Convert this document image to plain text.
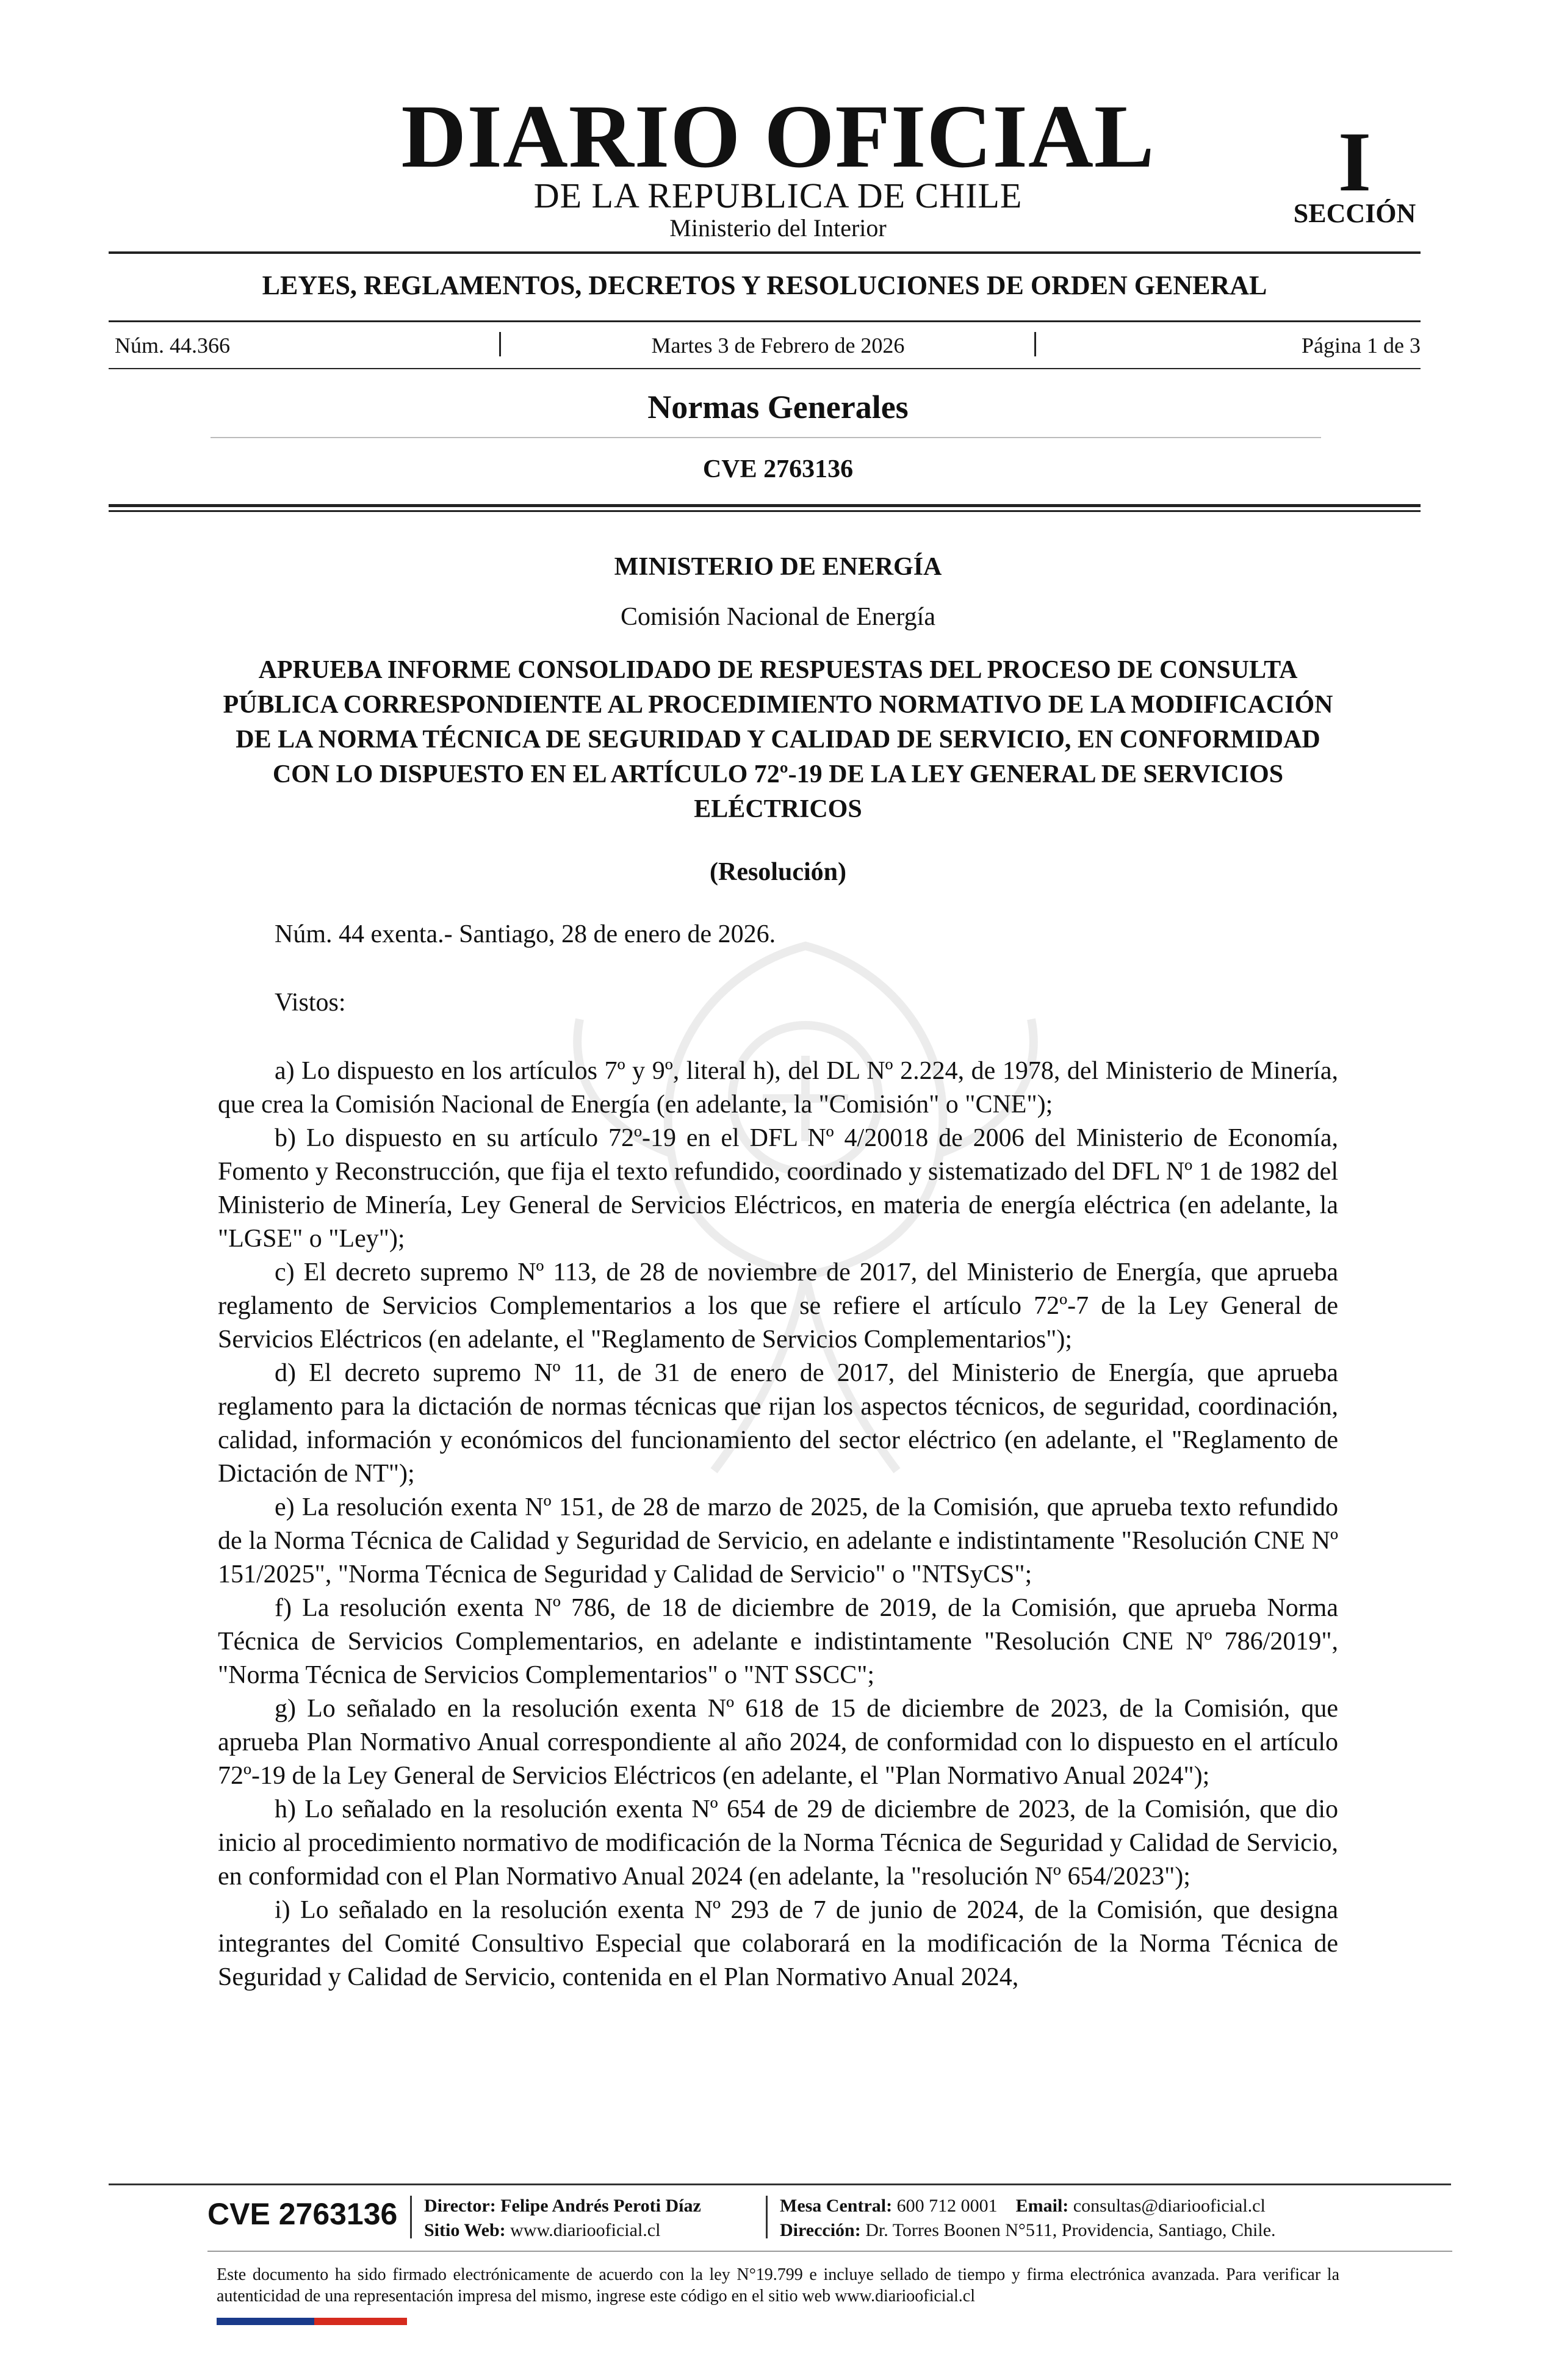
DIARIO OFICIAL
DE LA REPUBLICA DE CHILE
Ministerio del Interior
I
SECCIÓN
LEYES, REGLAMENTOS, DECRETOS Y RESOLUCIONES DE ORDEN GENERAL
Núm. 44.366	Martes 3 de Febrero de 2026	Página 1 de 3
Normas Generales
CVE 2763136
MINISTERIO DE ENERGÍA
Comisión Nacional de Energía

APRUEBA INFORME CONSOLIDADO DE RESPUESTAS DEL PROCESO DE CONSULTA PÚBLICA CORRESPONDIENTE AL PROCEDIMIENTO NORMATIVO DE LA MODIFICACIÓN DE LA NORMA TÉCNICA DE SEGURIDAD Y CALIDAD DE SERVICIO, EN CONFORMIDAD CON LO DISPUESTO EN EL ARTÍCULO 72º-19 DE LA LEY GENERAL DE SERVICIOS ELÉCTRICOS

(Resolución)
Núm. 44 exenta.- Santiago, 28 de enero de 2026.
Vistos:

a) Lo dispuesto en los artículos 7º y 9º, literal h), del DL Nº 2.224, de 1978, del Ministerio de Minería, que crea la Comisión Nacional de Energía (en adelante, la "Comisión" o "CNE");

b) Lo dispuesto en su artículo 72º-19 en el DFL Nº 4/20018 de 2006 del Ministerio de Economía, Fomento y Reconstrucción, que fija el texto refundido, coordinado y sistematizado del DFL Nº 1 de 1982 del Ministerio de Minería, Ley General de Servicios Eléctricos, en materia de energía eléctrica (en adelante, la "LGSE" o "Ley");

c) El decreto supremo Nº 113, de 28 de noviembre de 2017, del Ministerio de Energía, que aprueba reglamento de Servicios Complementarios a los que se refiere el artículo 72º-7 de la Ley General de Servicios Eléctricos (en adelante, el "Reglamento de Servicios Complementarios");

d) El decreto supremo Nº 11, de 31 de enero de 2017, del Ministerio de Energía, que aprueba reglamento para la dictación de normas técnicas que rijan los aspectos técnicos, de seguridad, coordinación, calidad, información y económicos del funcionamiento del sector eléctrico (en adelante, el "Reglamento de Dictación de NT");

e) La resolución exenta Nº 151, de 28 de marzo de 2025, de la Comisión, que aprueba texto refundido de la Norma Técnica de Calidad y Seguridad de Servicio, en adelante e indistintamente "Resolución CNE Nº 151/2025", "Norma Técnica de Seguridad y Calidad de Servicio" o "NTSyCS";

f) La resolución exenta Nº 786, de 18 de diciembre de 2019, de la Comisión, que aprueba Norma Técnica de Servicios Complementarios, en adelante e indistintamente "Resolución CNE Nº 786/2019", "Norma Técnica de Servicios Complementarios" o "NT SSCC";

g) Lo señalado en la resolución exenta Nº 618 de 15 de diciembre de 2023, de la Comisión, que aprueba Plan Normativo Anual correspondiente al año 2024, de conformidad con lo dispuesto en el artículo 72º-19 de la Ley General de Servicios Eléctricos (en adelante, el "Plan Normativo Anual 2024");

h) Lo señalado en la resolución exenta Nº 654 de 29 de diciembre de 2023, de la Comisión, que dio inicio al procedimiento normativo de modificación de la Norma Técnica de Seguridad y Calidad de Servicio, en conformidad con el Plan Normativo Anual 2024 (en adelante, la "resolución Nº 654/2023");

i) Lo señalado en la resolución exenta Nº 293 de 7 de junio de 2024, de la Comisión, que designa integrantes del Comité Consultivo Especial que colaborará en la modificación de la Norma Técnica de Seguridad y Calidad de Servicio, contenida en el Plan Normativo Anual 2024,

CVE 2763136 Director: Felipe Andrés Peroti Díaz
Sitio Web: www.diariooficial.cl
Mesa Central: 600 712 0001 Email: consultas@diariooficial.cl
Dirección: Dr. Torres Boonen N°511, Providencia, Santiago, Chile.

Este documento ha sido firmado electrónicamente de acuerdo con la ley N°19.799 e incluye sellado de tiempo y firma electrónica avanzada. Para verificar la autenticidad de una representación impresa del mismo, ingrese este código en el sitio web www.diariooficial.cl
